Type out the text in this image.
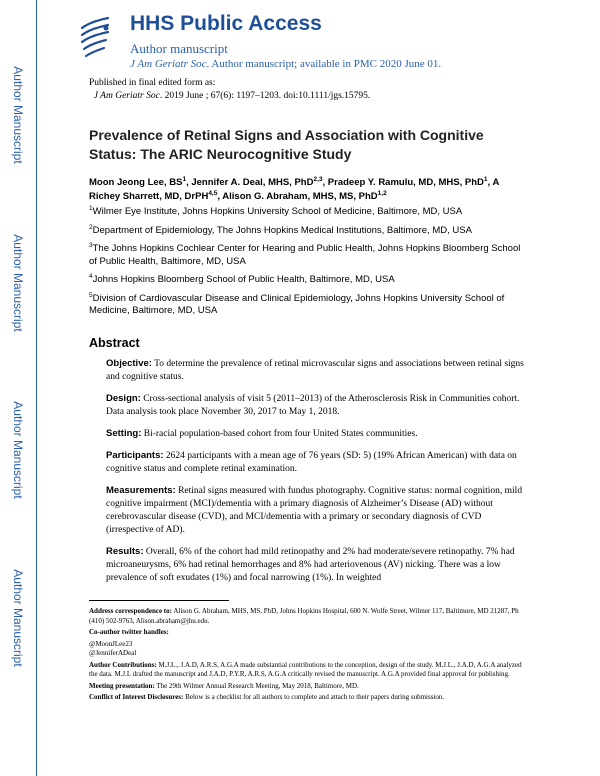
Author Manuscript
Author Manuscript
Author Manuscript
Author Manuscript
HHS Public Access
Author manuscript
J Am Geriatr Soc. Author manuscript; available in PMC 2020 June 01.
Published in final edited form as:
J Am Geriatr Soc. 2019 June ; 67(6): 1197–1203. doi:10.1111/jgs.15795.
Prevalence of Retinal Signs and Association with Cognitive Status: The ARIC Neurocognitive Study
Moon Jeong Lee, $BS^1$, Jennifer A. Deal, MHS, PhD$^{2,3}$, Pradeep Y. Ramulu, MD, MHS, PhD$^1$, A Richey Sharrett, MD, DrPH$^{4,5}$, Alison G. Abraham, MHS, MS, PhD$^{1,2}$
$^1$Wilmer Eye Institute, Johns Hopkins University School of Medicine, Baltimore, MD, USA
$^2$Department of Epidemiology, The Johns Hopkins Medical Institutions, Baltimore, MD, USA
$^3$The Johns Hopkins Cochlear Center for Hearing and Public Health, Johns Hopkins Bloomberg School of Public Health, Baltimore, MD, USA
$^4$Johns Hopkins Bloomberg School of Public Health, Baltimore, MD, USA
$^5$Division of Cardiovascular Disease and Clinical Epidemiology, Johns Hopkins University School of Medicine, Baltimore, MD, USA
Abstract
Objective: To determine the prevalence of retinal microvascular signs and associations between retinal signs and cognitive status.
Design: Cross-sectional analysis of visit 5 (2011–2013) of the Atherosclerosis Risk in Communities cohort. Data analysis took place November 30, 2017 to May 1, 2018.
Setting: Bi-racial population-based cohort from four United States communities.
Participants: 2624 participants with a mean age of 76 years (SD: 5) (19% African American) with data on cognitive status and complete retinal examination.
Measurements: Retinal signs measured with fundus photography. Cognitive status: normal cognition, mild cognitive impairment (MCI)/dementia with a primary diagnosis of Alzheimer’s Disease (AD) without cerebrovascular disease (CVD), and MCI/dementia with a primary or secondary diagnosis of CVD (irrespective of AD).
Results: Overall, 6% of the cohort had mild retinopathy and 2% had moderate/severe retinopathy. 7% had microaneurysms, 6% had retinal hemorrhages and 8% had arteriovenous (AV) nicking. There was a low prevalence of soft exudates (1%) and focal narrowing (1%). In weighted
Address correspondence to: Alison G. Abraham, MHS, MS, PhD, Johns Hopkins Hospital, 600 N. Wolfe Street, Wilmer 117, Baltimore, MD 21287, Ph (410) 502-9763, Alison.abraham@jhu.edu.
Co-author twitter handles:
@MoonJLee23
@JenniferADeal
Author Contributions: M.J.L., J.A.D, A.R.S, A.G.A made substantial contributions to the conception, design of the study. M.J.L., J.A.D, A.G.A analyzed the data. M.J.L drafted the manuscript and J.A.D, P.Y.R, A.R.S, A.G.A critically revised the manuscript. A.G.A provided final approval for publishing.
Meeting presentation: The 29th Wilmer Annual Research Meeting, May 2018, Baltimore, MD.
Conflict of Interest Disclosures: Below is a checklist for all authors to complete and attach to their papers during submission.
